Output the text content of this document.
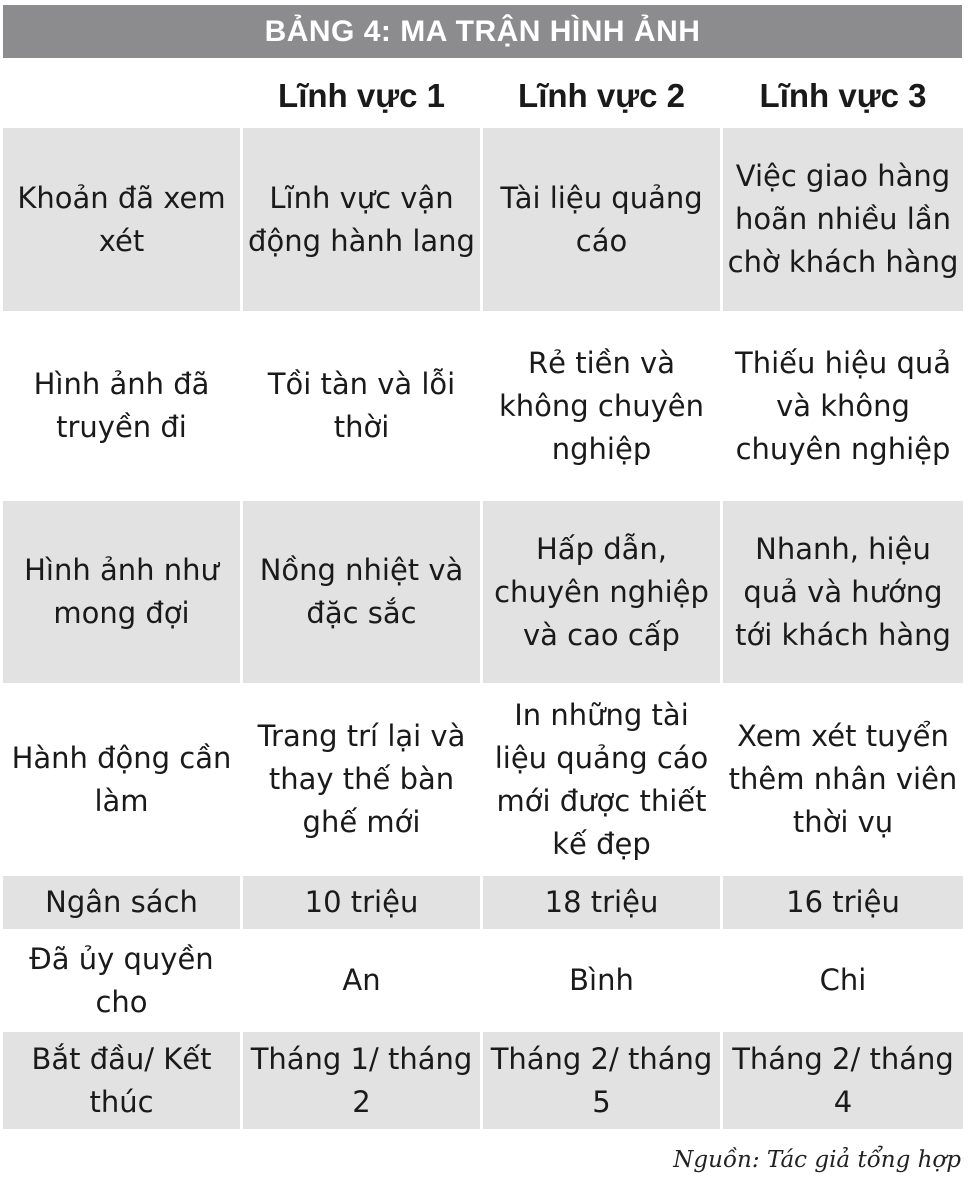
BẢNG 4: MA TRẬN HÌNH ẢNH
	Lĩnh vực 1	Lĩnh vực 2	Lĩnh vực 3
Khoản đã xem xét	Lĩnh vực vận động hành lang	Tài liệu quảng cáo	Việc giao hàng hoãn nhiều lần chờ khách hàng
Hình ảnh đã truyền đi	Tồi tàn và lỗi thời	Rẻ tiền và không chuyên nghiệp	Thiếu hiệu quả và không chuyên nghiệp
Hình ảnh như mong đợi	Nồng nhiệt và đặc sắc	Hấp dẫn, chuyên nghiệp và cao cấp	Nhanh, hiệu quả và hướng tới khách hàng
Hành động cần làm	Trang trí lại và thay thế bàn ghế mới	In những tài liệu quảng cáo mới được thiết kế đẹp	Xem xét tuyển thêm nhân viên thời vụ
Ngân sách	10 triệu	18 triệu	16 triệu
Đã ủy quyền cho	An	Bình	Chi
Bắt đầu/ Kết thúc	Tháng 1/ tháng 2	Tháng 2/ tháng 5	Tháng 2/ tháng 4
Nguồn: Tác giả tổng hợp
